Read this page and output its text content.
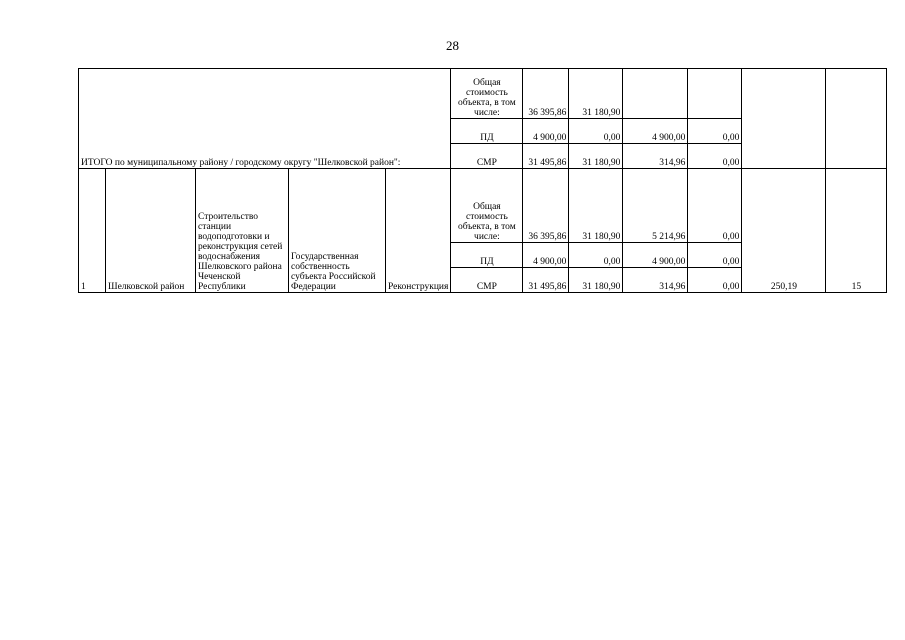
28
ИТОГО по муниципальному району / городскому округу "Шелковской район":					Общая стоимость объекта, в том числе:	36 395,86	31 180,90				
					ПД	4 900,00	0,00	4 900,00	0,00		
					СМР	31 495,86	31 180,90	314,96	0,00		
1	Шелковской район	Строительство станции водоподготовки и реконструкция сетей водоснабжения Шелковского района Чеченской Республики	Государственная собственность субъекта Российской Федерации	Реконструкция	Общая стоимость объекта, в том числе:	36 395,86	31 180,90	5 214,96	0,00	250,19	15
					ПД	4 900,00	0,00	4 900,00	0,00		
					СМР	31 495,86	31 180,90	314,96	0,00		
